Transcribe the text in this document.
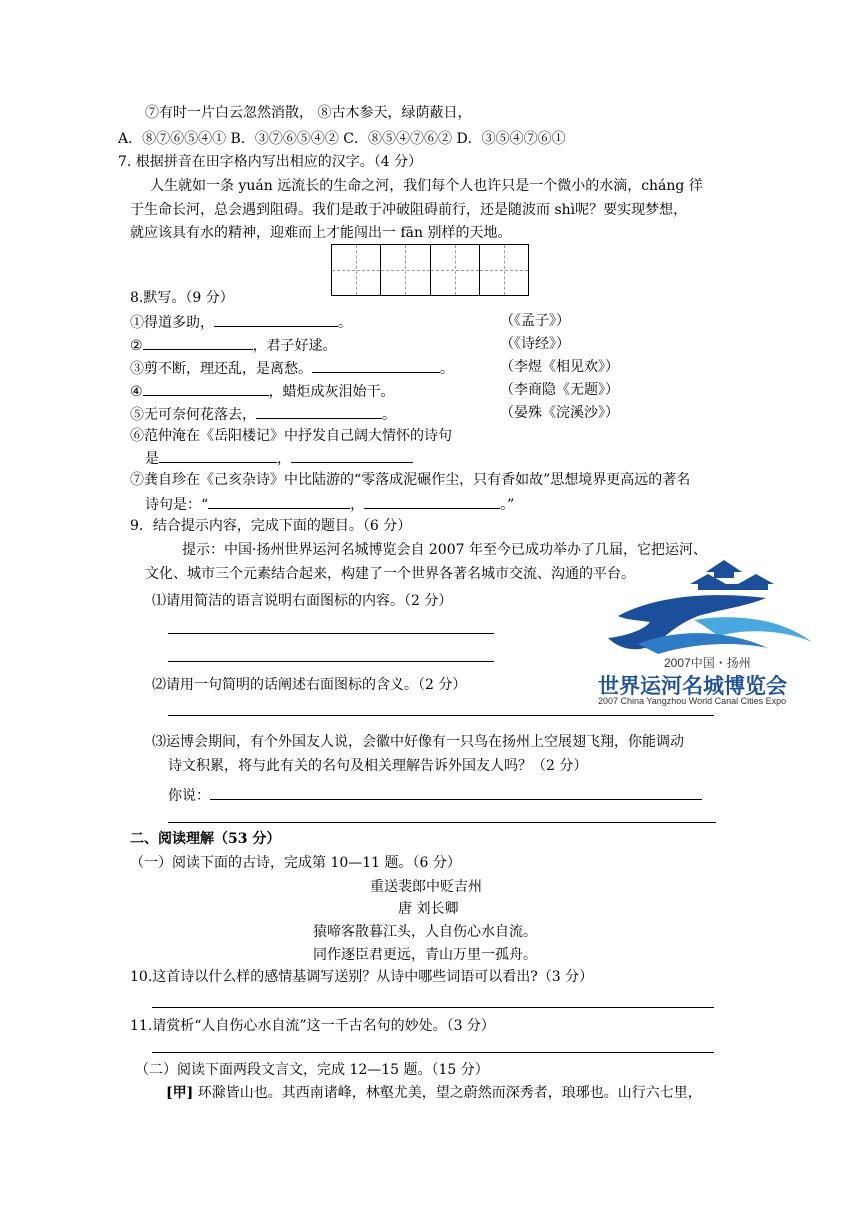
⑦有时一片白云忽然消散， ⑧古木参天，绿荫蔽日，
A．⑧⑦⑥⑤④① B．③⑦⑥⑤④② C．⑧⑤④⑦⑥② D．③⑤④⑦⑥①
7. 根据拼音在田字格内写出相应的汉字。（4 分）
人生就如一条 yuán 远流长的生命之河，我们每个人也许只是一个微小的水滴，cháng 徉
于生命长河，总会遇到阻碍。我们是敢于冲破阻碍前行，还是随波而 shì呢？要实现梦想，
就应该具有水的精神，迎难而上才能闯出一 fān 别样的天地。
8.默写。（9 分）
①得道多助，	。	（《孟子》）
②	，君子好逑。	（《诗经》）
③剪不断，理还乱，是离愁。	。	（李煜《相见欢》）
④	，蜡炬成灰泪始干。	（李商隐《无题》）
⑤无可奈何花落去，	。	（晏殊《浣溪沙》）
⑥范仲淹在《岳阳楼记》中抒发自己阔大情怀的诗句
是	，
⑦龚自珍在《己亥杂诗》中比陆游的“零落成泥碾作尘，只有香如故”思想境界更高远的著名
诗句是：“	，	。”
9．结合提示内容，完成下面的题目。（6 分）
提示：中国·扬州世界运河名城博览会自 2007 年至今已成功举办了几届，它把运河、
文化、城市三个元素结合起来，构建了一个世界各著名城市交流、沟通的平台。
⑴请用简洁的语言说明右面图标的内容。（2 分）
⑵请用一句简明的话阐述右面图标的含义。（2 分）
⑶运博会期间，有个外国友人说，会徽中好像有一只鸟在扬州上空展翅飞翔，你能调动
诗文积累，将与此有关的名句及相关理解告诉外国友人吗？（2 分）
你说：
2007中国・扬州
世界运河名城博览会
2007 China Yangzhou World Canal Cities Expo
二、阅读理解（53 分）
（一）阅读下面的古诗，完成第 10—11 题。（6 分）
重送裴郎中贬吉州
唐 刘长卿
猿啼客散暮江头，人自伤心水自流。
同作逐臣君更远，青山万里一孤舟。
10.这首诗以什么样的感情基调写送别？从诗中哪些词语可以看出?（3 分）
11.请赏析“人自伤心水自流”这一千古名句的妙处。（3 分）
（二）阅读下面两段文言文，完成 12—15 题。（15 分）
[甲] 环滁皆山也。其西南诸峰，林壑尤美，望之蔚然而深秀者，琅琊也。山行六七里，
